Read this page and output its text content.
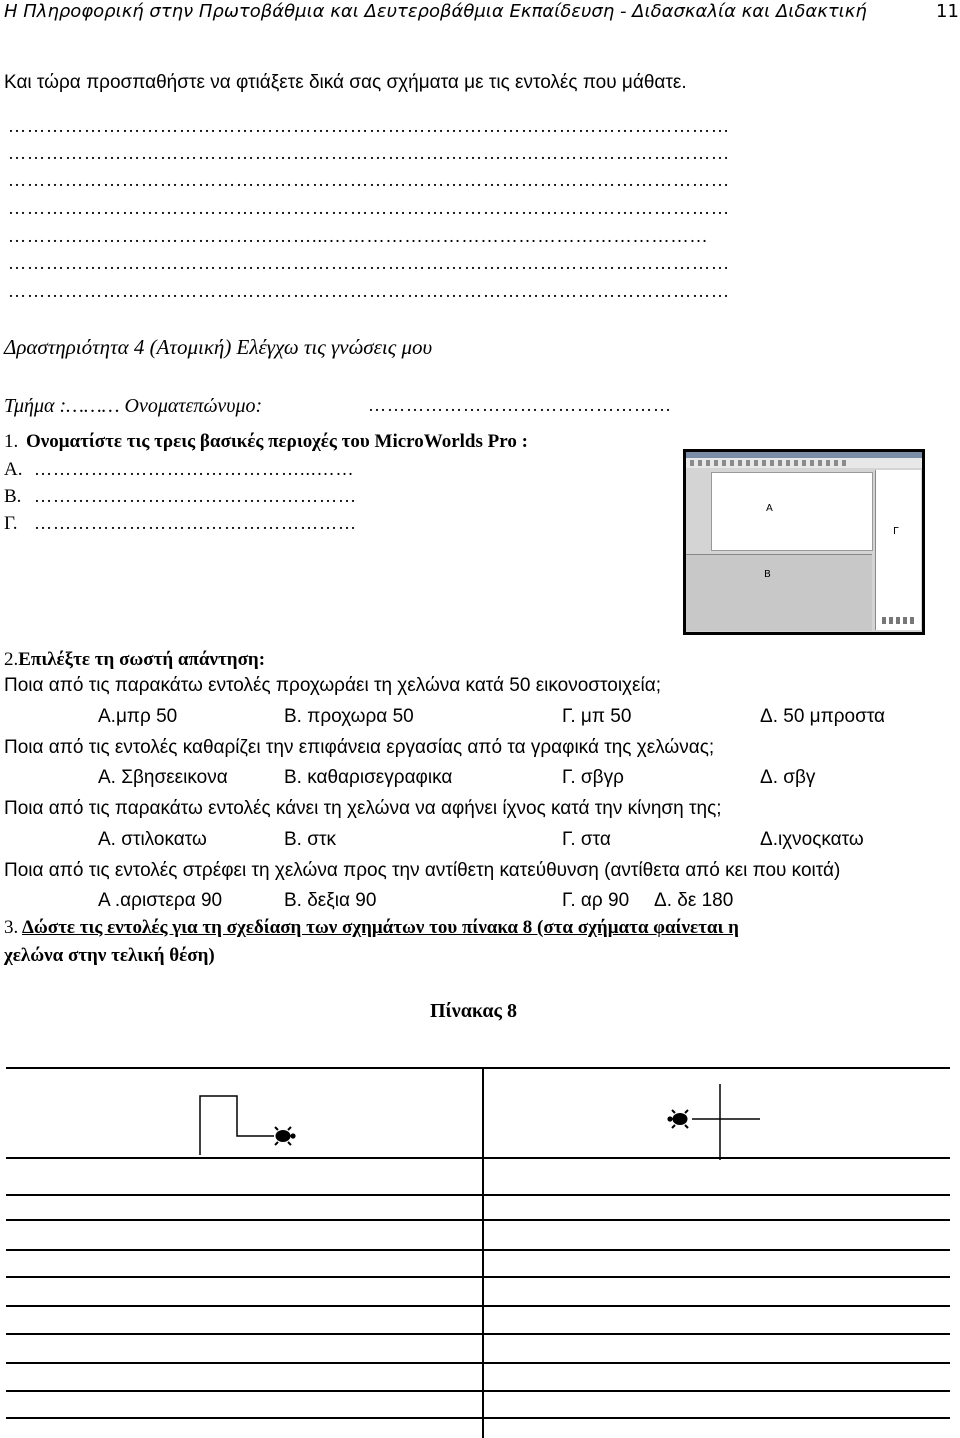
Η Πληροφορική στην Πρωτοβάθμια και Δευτεροβάθμια Εκπαίδευση - Διδασκαλία και Διδακτική	11
Και τώρα προσπαθήστε να φτιάξετε δικά σας σχήματα με τις εντολές που μάθατε.
……………………………………………………………………………………………………
……………………………………………………………………………………………………
……………………………………………………………………………………………………
……………………………………………………………………………………………………
…………………………………………...……………………………………………………
……………………………………………………………………………………………………
……………………………………………………………………………………………………
Δραστηριότητα 4 (Ατομική) Ελέγχω τις γνώσεις μου
Τμήμα :……… Ονοματεπώνυμο:	…………………………………………
1. Ονοματίστε τις τρεις βασικές περιοχές του MicroWorlds Pro :
Α. ……………………………………...……
Β. ……………………………………………
Γ. ……………………………………………
A
B
Γ
2.Επιλέξτε τη σωστή απάντηση:
Ποια από τις παρακάτω εντολές προχωράει τη χελώνα κατά 50 εικονοστοιχεία;
Α.μπρ 50	Β. προχωρα 50	Γ. μπ 50	Δ. 50 μπροστα
Ποια από τις εντολές καθαρίζει την επιφάνεια εργασίας από τα γραφικά της χελώνας;
Α. Σβησεεικονα	Β. καθαρισεγραφικα	Γ. σβγρ	Δ. σβγ
Ποια από τις παρακάτω εντολές κάνει τη χελώνα να αφήνει ίχνος κατά την κίνηση της;
Α. στιλοκατω	Β. στκ	Γ. στα	Δ.ιχνοςκατω
Ποια από τις εντολές στρέφει τη χελώνα προς την αντίθετη κατεύθυνση (αντίθετα από κει που κοιτά)
Α .αριστερα 90	Β. δεξια 90	Γ. αρ 90 Δ. δε 180
3. Δώστε τις εντολές για τη σχεδίαση των σχημάτων του πίνακα 8 (στα σχήματα φαίνεται η
χελώνα στην τελική θέση)
Πίνακας 8
